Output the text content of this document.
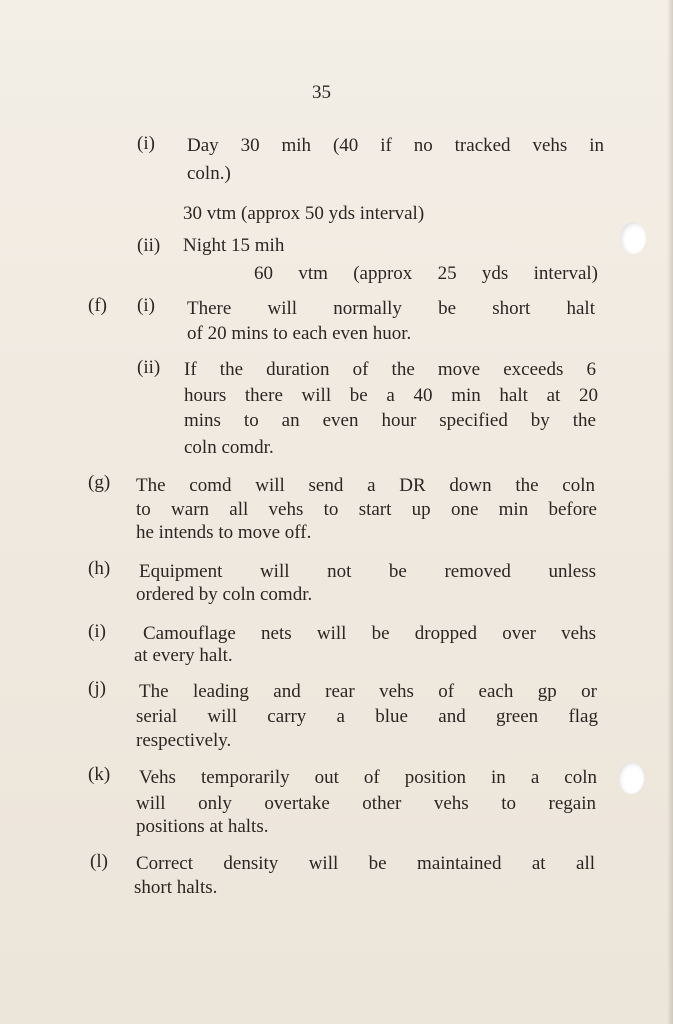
35
(i) Day 30 mih (40 if no tracked vehs in
coln.)
30 vtm (approx 50 yds interval)
(ii) Night 15 mih
60 vtm (approx 25 yds interval)
(f) (i) There will normally be short halt
of 20 mins to each even huor.
(ii) If the duration of the move exceeds 6
hours there will be a 40 min halt at 20
mins to an even hour specified by the
coln comdr.
(g) The comd will send a DR down the coln
to warn all vehs to start up one min before
he intends to move off.
(h) Equipment will not be removed unless
ordered by coln comdr.
(i) Camouflage nets will be dropped over vehs
at every halt.
(j) The leading and rear vehs of each gp or
serial will carry a blue and green flag
respectively.
(k) Vehs temporarily out of position in a coln
will only overtake other vehs to regain
positions at halts.
(l) Correct density will be maintained at all
short halts.
